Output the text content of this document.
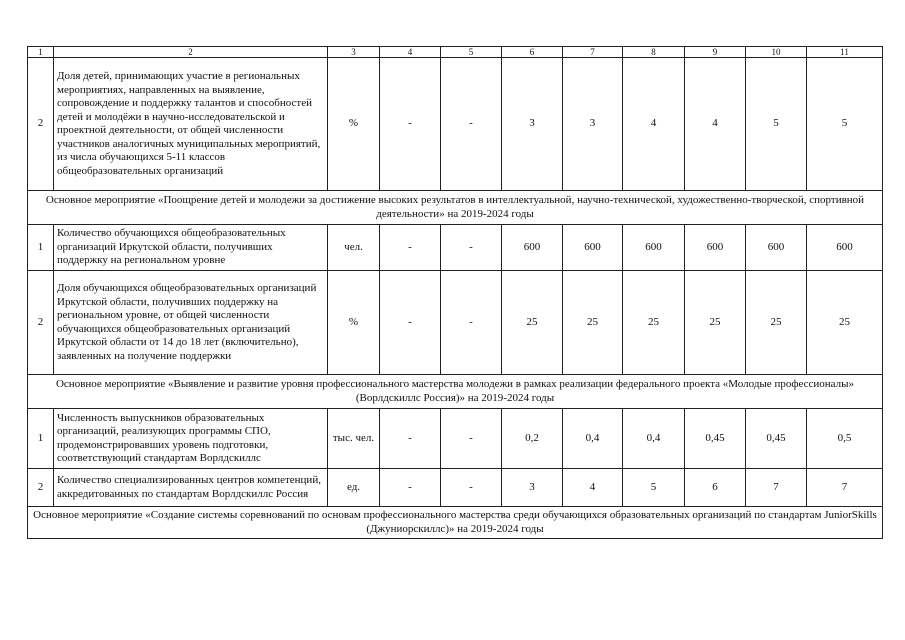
1	2	3	4	5	6	7	8	9	10	11
2	Доля детей, принимающих участие в региональных мероприятиях, направленных на выявление, сопровождение и поддержку талантов и способностей детей и молодёжи в научно-исследовательской и проектной деятельности, от общей численности участников аналогичных муниципальных мероприятий, из числа обучающихся 5-11 классов общеобразовательных организаций	%	-	-	3	3	4	4	5	5
Основное мероприятие «Поощрение детей и молодежи за достижение высоких результатов в интеллектуальной, научно-технической, художественно-творческой, спортивной деятельности» на 2019-2024 годы										
1	Количество обучающихся общеобразовательных организаций Иркутской области, получивших поддержку на региональном уровне	чел.	-	-	600	600	600	600	600	600
2	Доля обучающихся общеобразовательных организаций Иркутской области, получивших поддержку на региональном уровне, от общей численности обучающихся общеобразовательных организаций Иркутской области от 14 до 18 лет (включительно), заявленных на получение поддержки	%	-	-	25	25	25	25	25	25
Основное мероприятие «Выявление и развитие уровня профессионального мастерства молодежи в рамках реализации федерального проекта «Молодые профессионалы» (Ворлдскиллс Россия)» на 2019-2024 годы										
1	Численность выпускников образовательных организаций, реализующих программы СПО, продемонстрировавших уровень подготовки, соответствующий стандартам Ворлдскиллс	тыс. чел.	-	-	0,2	0,4	0,4	0,45	0,45	0,5
2	Количество специализированных центров компетенций, аккредитованных по стандартам Ворлдскиллс Россия	ед.	-	-	3	4	5	6	7	7
Основное мероприятие «Создание системы соревнований по основам профессионального мастерства среди обучающихся образовательных организаций по стандартам JuniorSkills (Джуниорскиллс)» на 2019-2024 годы										
